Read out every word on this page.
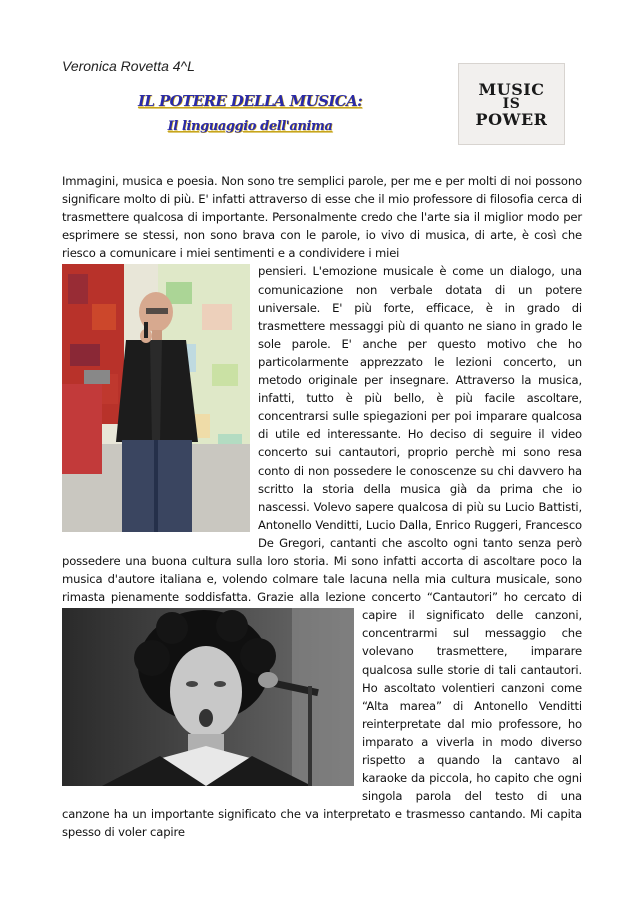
Veronica Rovetta 4^L
IL POTERE DELLA MUSICA:
Il linguaggio dell'anima
MUSIC
IS
POWER
Immagini, musica e poesia. Non sono tre semplici parole, per me e per molti di noi possono significare molto di più. E' infatti attraverso di esse che il mio professore di filosofia cerca di trasmettere qualcosa di importante. Personalmente credo che l'arte sia il miglior modo per esprimere se stessi, non sono brava con le parole, io vivo di musica, di arte, è così che riesco a comunicare i miei sentimenti e a condividere i miei
pensieri. L'emozione musicale è come un dialogo, una comunicazione non verbale dotata di un potere universale. E' più forte, efficace, è in grado di trasmettere messaggi più di quanto ne siano in grado le sole parole. E' anche per questo motivo che ho particolarmente apprezzato le lezioni concerto, un metodo originale per insegnare. Attraverso la musica, infatti, tutto è più bello, è più facile ascoltare, concentrarsi sulle spiegazioni per poi imparare qualcosa di utile ed interessante. Ho deciso di seguire il video concerto sui cantautori, proprio perchè mi sono resa conto di non possedere le conoscenze su chi davvero ha scritto la storia della musica già da prima che io nascessi. Volevo sapere qualcosa di più su Lucio Battisti, Antonello Venditti, Lucio Dalla, Enrico Ruggeri, Francesco De Gregori, cantanti che ascolto ogni tanto senza però possedere una buona cultura sulla loro storia. Mi sono infatti accorta di ascoltare poco la musica d'autore italiana e, volendo colmare tale lacuna nella mia cultura musicale, sono rimasta pienamente soddisfatta. Grazie alla lezione concerto “Cantautori” ho cercato di capire il significato delle canzoni, concentrarmi sul messaggio che volevano trasmettere, imparare qualcosa sulle storie di tali cantautori. Ho ascoltato volentieri canzoni come “Alta marea” di Antonello Venditti reinterpretate dal mio professore, ho imparato a viverla in modo diverso rispetto a quando la cantavo al karaoke da piccola, ho capito che ogni singola parola del testo di una canzone ha un importante significato che va interpretato e trasmesso cantando. Mi capita spesso di voler capire
